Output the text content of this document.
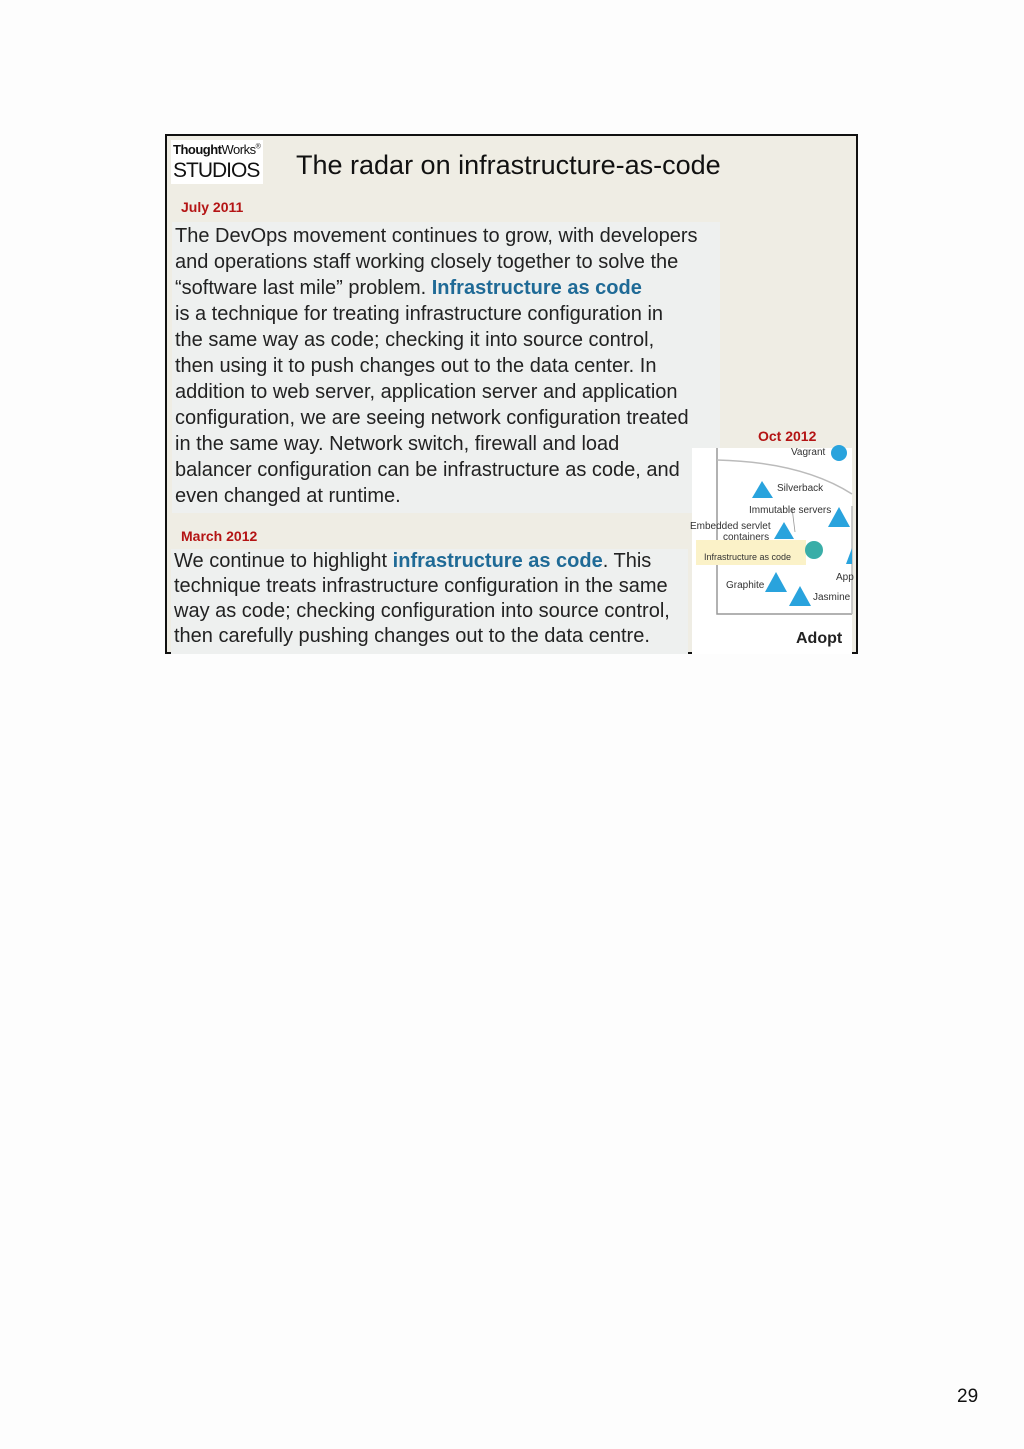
ThoughtWorks®
STUDIOS The radar on infrastructure-as-code
July 2011
The DevOps movement continues to grow, with developers
and operations staff working closely together to solve the
“software last mile” problem. Infrastructure as code
is a technique for treating infrastructure configuration in
the same way as code; checking it into source control,
then using it to push changes out to the data center. In
addition to web server, application server and application
configuration, we are seeing network configuration treated
in the same way. Network switch, firewall and load
balancer configuration can be infrastructure as code, and
even changed at runtime.
March 2012
We continue to highlight infrastructure as code. This
technique treats infrastructure configuration in the same
way as code; checking configuration into source control,
then carefully pushing changes out to the data centre.
Oct 2012
Vagrant
Silverback
Immutable servers
Embedded servlet
containers
Infrastructure as code
App
Graphite
Jasmine
Adopt
29
